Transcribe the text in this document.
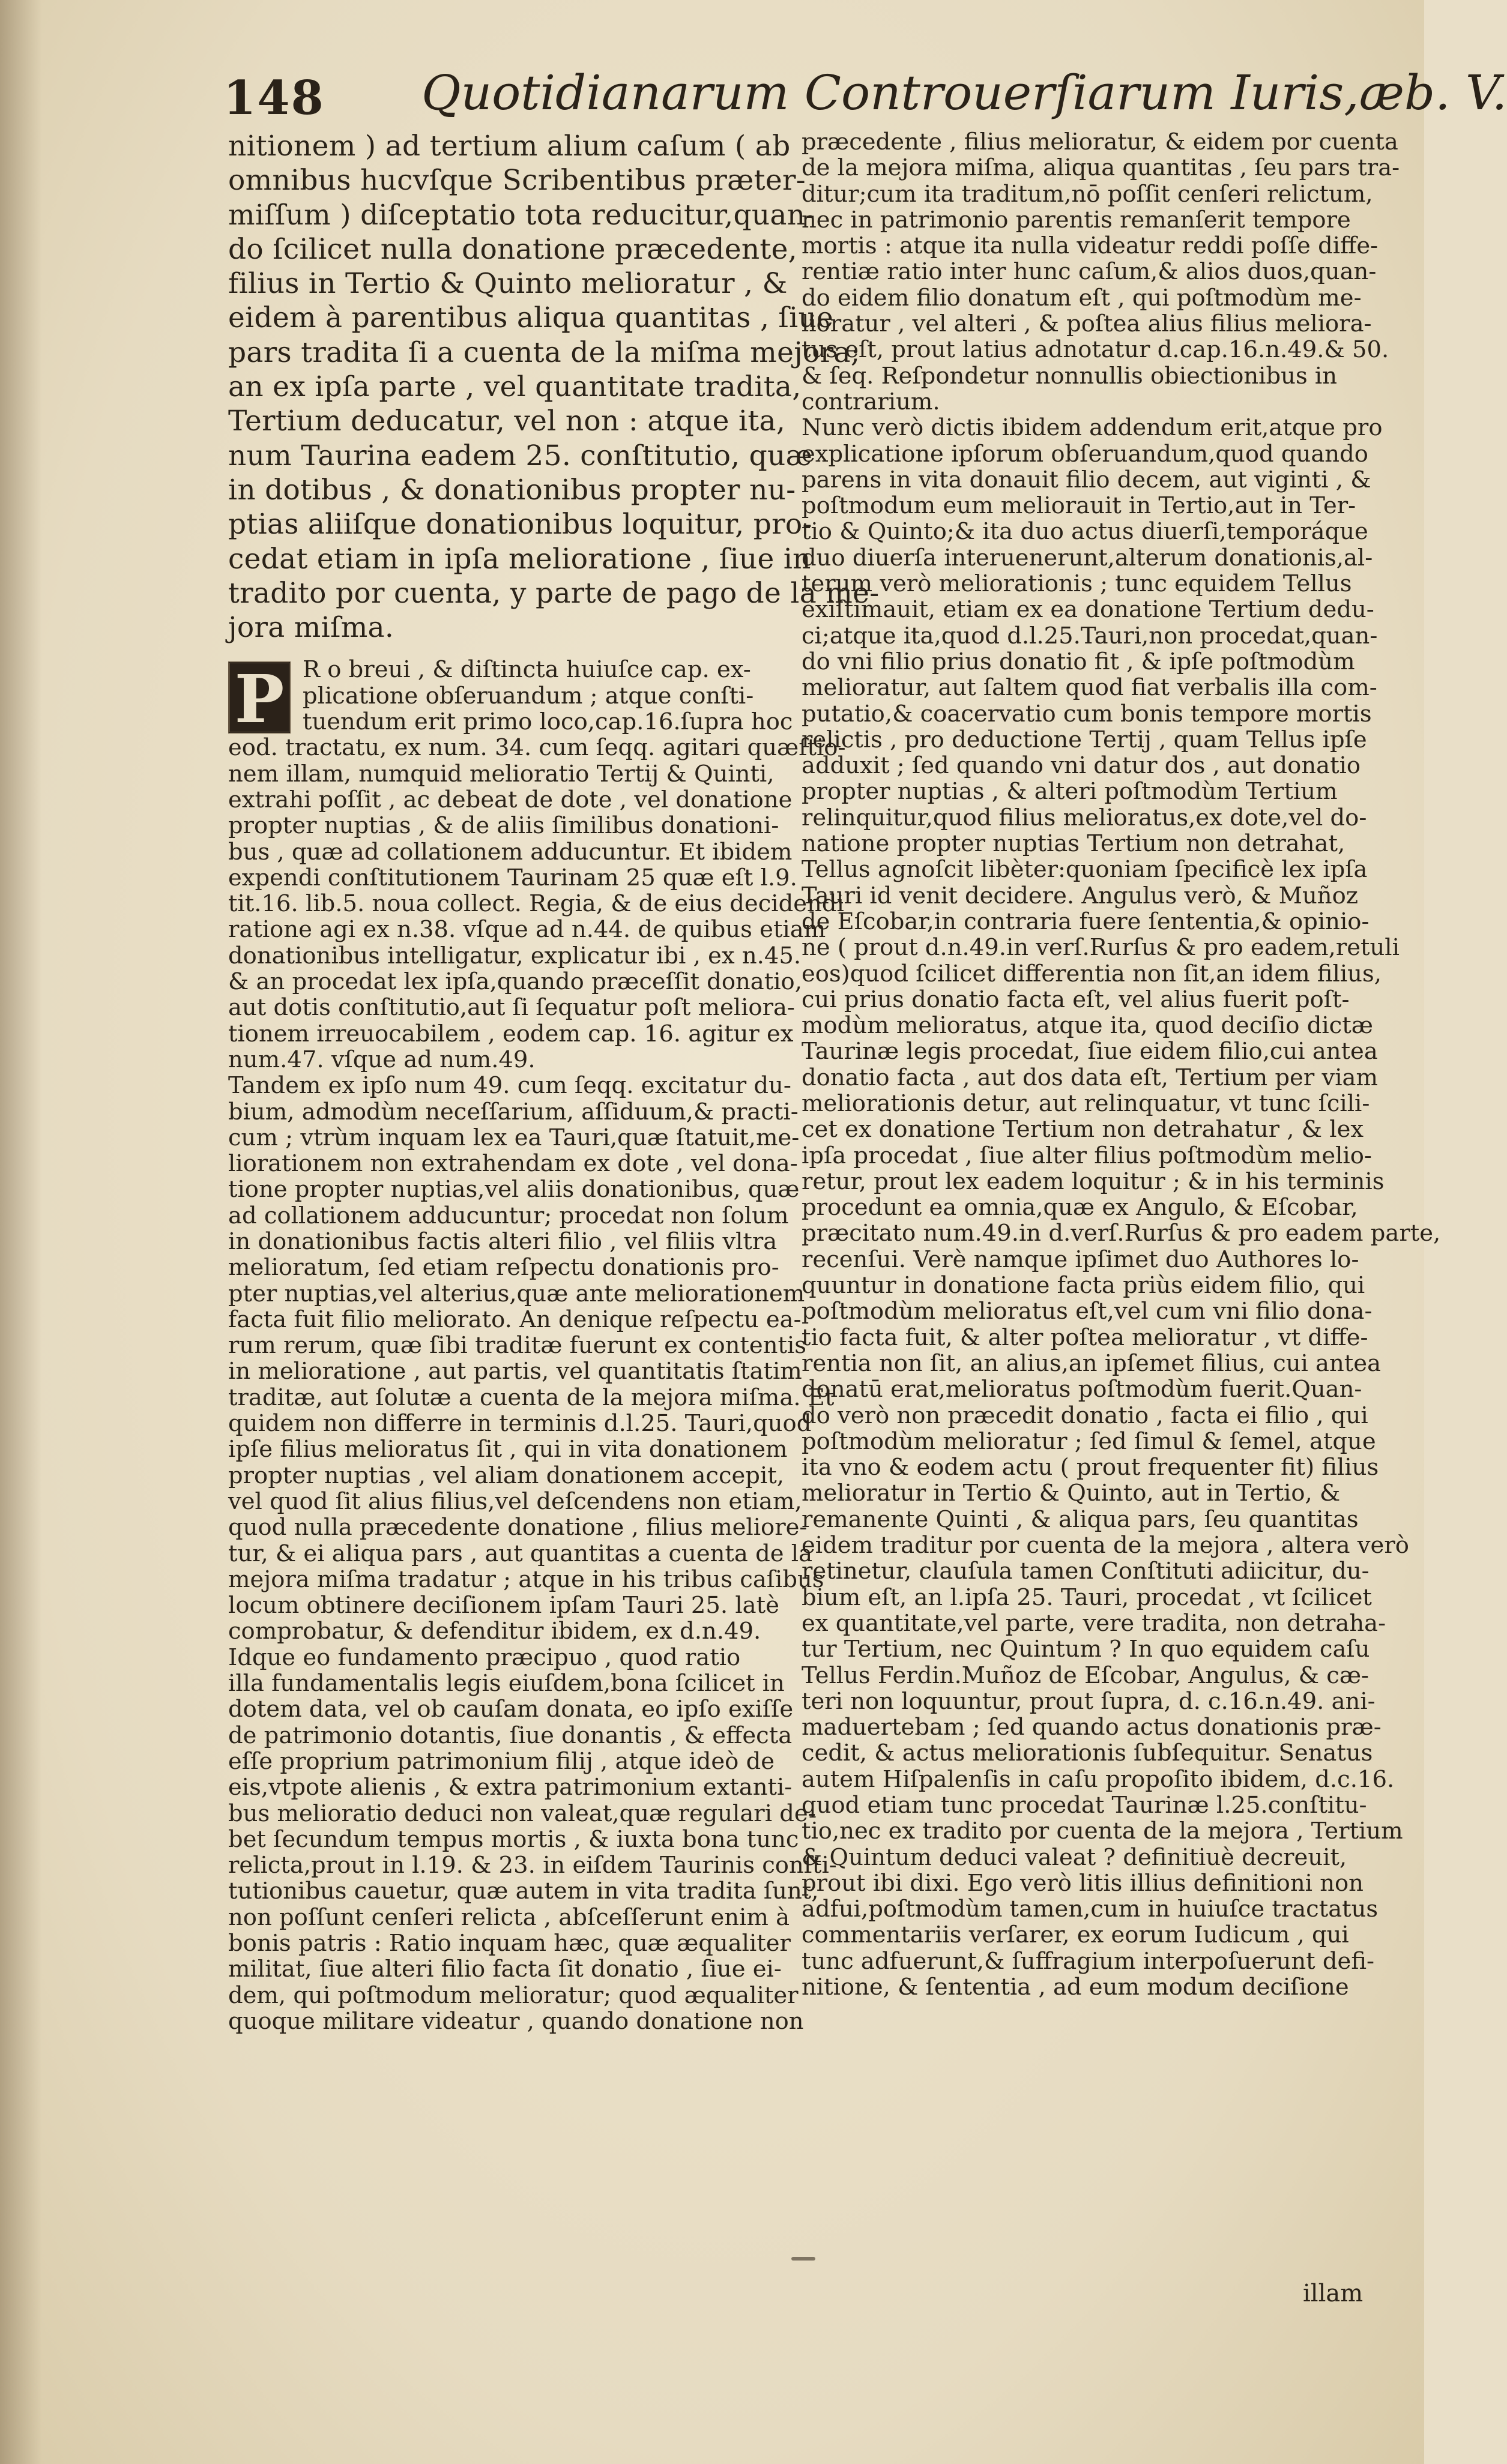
148 Quotidianarum Controuerſiarum Iuris,æb. V.
nitionem ) ad tertium alium caſum ( ab
omnibus hucvſque Scribentibus præter-
miſſum ) diſceptatio tota reducitur,quan-
do ſcilicet nulla donatione præcedente,
filius in Tertio & Quinto melioratur , &
eidem à parentibus aliqua quantitas , ſiue
pars tradita ſi a cuenta de la miſma mejora;
an ex ipſa parte , vel quantitate tradita,
Tertium deducatur, vel non : atque ita,
num Taurina eadem 25. conſtitutio, quæ
in dotibus , & donationibus propter nu-
ptias aliiſque donationibus loquitur, pro-
cedat etiam in ipſa melioratione , ſiue in
tradito por cuenta, y parte de pago de la me-
jora miſma.
P R o breui , & diſtincta huiuſce cap. ex-
plicatione obſeruandum ; atque conſti-
tuendum erit primo loco,cap.16.ſupra hoc
eod. tractatu, ex num. 34. cum ſeqq. agitari quæſtio-
nem illam, numquid melioratio Tertij & Quinti,
extrahi poſſit , ac debeat de dote , vel donatione
propter nuptias , & de aliis ſimilibus donationi-
bus , quæ ad collationem adducuntur. Et ibidem
expendi conſtitutionem Taurinam 25 quæ eſt l.9.
tit.16. lib.5. noua collect. Regia, & de eius decidendi
ratione agi ex n.38. vſque ad n.44. de quibus etiam
donationibus intelligatur, explicatur ibi , ex n.45.
& an procedat lex ipſa,quando præceſſit donatio,
aut dotis conſtitutio,aut ſi ſequatur poſt meliora-
tionem irreuocabilem , eodem cap. 16. agitur ex
num.47. vſque ad num.49.
Tandem ex ipſo num 49. cum ſeqq. excitatur du-
bium, admodùm neceſſarium, aſſiduum,& practi-
cum ; vtrùm inquam lex ea Tauri,quæ ſtatuit,me-
liorationem non extrahendam ex dote , vel dona-
tione propter nuptias,vel aliis donationibus, quæ
ad collationem adducuntur; procedat non ſolum
in donationibus factis alteri filio , vel filiis vltra
melioratum, ſed etiam reſpectu donationis pro-
pter nuptias,vel alterius,quæ ante meliorationem
facta fuit filio meliorato. An denique reſpectu ea-
rum rerum, quæ ſibi traditæ fuerunt ex contentis
in melioratione , aut partis, vel quantitatis ſtatim
traditæ, aut ſolutæ a cuenta de la mejora miſma. Et
quidem non differre in terminis d.l.25. Tauri,quod
ipſe filius melioratus ſit , qui in vita donationem
propter nuptias , vel aliam donationem accepit,
vel quod ſit alius filius,vel deſcendens non etiam,
quod nulla præcedente donatione , filius meliore-
tur, & ei aliqua pars , aut quantitas a cuenta de la
mejora miſma tradatur ; atque in his tribus caſibus
locum obtinere deciſionem ipſam Tauri 25. latè
comprobatur, & defenditur ibidem, ex d.n.49.
Idque eo fundamento præcipuo , quod ratio
illa fundamentalis legis eiuſdem,bona ſcilicet in
dotem data, vel ob cauſam donata, eo ipſo exiſſe
de patrimonio dotantis, ſiue donantis , & effecta
eſſe proprium patrimonium filij , atque ideò de
eis,vtpote alienis , & extra patrimonium extanti-
bus melioratio deduci non valeat,quæ regulari de-
bet ſecundum tempus mortis , & iuxta bona tunc
relicta,prout in l.19. & 23. in eiſdem Taurinis conſti-
tutionibus cauetur, quæ autem in vita tradita ſunt,
non poſſunt cenſeri relicta , abſceſſerunt enim à
bonis patris : Ratio inquam hæc, quæ æqualiter
militat, ſiue alteri filio facta ſit donatio , ſiue ei-
dem, qui poſtmodum melioratur; quod æqualiter
quoque militare videatur , quando donatione non
præcedente , filius melioratur, & eidem por cuenta
de la mejora miſma, aliqua quantitas , ſeu pars tra-
ditur;cum ita traditum,nō poſſit cenſeri relictum,
nec in patrimonio parentis remanſerit tempore
mortis : atque ita nulla videatur reddi poſſe diffe-
rentiæ ratio inter hunc caſum,& alios duos,quan-
do eidem filio donatum eſt , qui poſtmodùm me-
lioratur , vel alteri , & poſtea alius filius meliora-
tus eſt, prout latius adnotatur d.cap.16.n.49.& 50.
& ſeq. Reſpondetur nonnullis obiectionibus in
contrarium.
Nunc verò dictis ibidem addendum erit,atque pro
explicatione ipſorum obſeruandum,quod quando
parens in vita donauit filio decem, aut viginti , &
poſtmodum eum meliorauit in Tertio,aut in Ter-
tio & Quinto;& ita duo actus diuerſi,temporáque
duo diuerſa interuenerunt,alterum donationis,al-
terum verò meliorationis ; tunc equidem Tellus
exiſtimauit, etiam ex ea donatione Tertium dedu-
ci;atque ita,quod d.l.25.Tauri,non procedat,quan-
do vni filio prius donatio fit , & ipſe poſtmodùm
melioratur, aut ſaltem quod fiat verbalis illa com-
putatio,& coacervatio cum bonis tempore mortis
relictis , pro deductione Tertij , quam Tellus ipſe
adduxit ; ſed quando vni datur dos , aut donatio
propter nuptias , & alteri poſtmodùm Tertium
relinquitur,quod filius melioratus,ex dote,vel do-
natione propter nuptias Tertium non detrahat,
Tellus agnoſcit libèter:quoniam ſpecificè lex ipſa
Tauri id venit decidere. Angulus verò, & Muñoz
de Eſcobar,in contraria fuere ſententia,& opinio-
ne ( prout d.n.49.in verſ.Rurſus & pro eadem,retuli
eos)quod ſcilicet differentia non ſit,an idem filius,
cui prius donatio facta eſt, vel alius fuerit poſt-
modùm melioratus, atque ita, quod deciſio dictæ
Taurinæ legis procedat, ſiue eidem filio,cui antea
donatio facta , aut dos data eſt, Tertium per viam
meliorationis detur, aut relinquatur, vt tunc ſcili-
cet ex donatione Tertium non detrahatur , & lex
ipſa procedat , ſiue alter filius poſtmodùm melio-
retur, prout lex eadem loquitur ; & in his terminis
procedunt ea omnia,quæ ex Angulo, & Eſcobar,
præcitato num.49.in d.verſ.Rurſus & pro eadem parte,
recenſui. Verè namque ipſimet duo Authores lo-
quuntur in donatione facta priùs eidem filio, qui
poſtmodùm melioratus eſt,vel cum vni filio dona-
tio facta fuit, & alter poſtea melioratur , vt diffe-
rentia non ſit, an alius,an ipſemet filius, cui antea
donatū erat,melioratus poſtmodùm fuerit.Quan-
do verò non præcedit donatio , facta ei filio , qui
poſtmodùm melioratur ; ſed ſimul & ſemel, atque
ita vno & eodem actu ( prout frequenter fit) filius
melioratur in Tertio & Quinto, aut in Tertio, &
remanente Quinti , & aliqua pars, ſeu quantitas
eidem traditur por cuenta de la mejora , altera verò
retinetur, clauſula tamen Conſtituti adiicitur, du-
bium eſt, an l.ipſa 25. Tauri, procedat , vt ſcilicet
ex quantitate,vel parte, vere tradita, non detraha-
tur Tertium, nec Quintum ? In quo equidem caſu
Tellus Ferdin.Muñoz de Eſcobar, Angulus, & cæ-
teri non loquuntur, prout ſupra, d. c.16.n.49. ani-
maduertebam ; ſed quando actus donationis præ-
cedit, & actus meliorationis ſubſequitur. Senatus
autem Hiſpalenſis in caſu propoſito ibidem, d.c.16.
quod etiam tunc procedat Taurinæ l.25.conſtitu-
tio,nec ex tradito por cuenta de la mejora , Tertium
& Quintum deduci valeat ? definitiuè decreuit,
prout ibi dixi. Ego verò litis illius definitioni non
adfui,poſtmodùm tamen,cum in huiuſce tractatus
commentariis verſarer, ex eorum Iudicum , qui
tunc adfuerunt,& ſuffragium interpoſuerunt defi-
nitione, & ſententia , ad eum modum deciſione
illam
